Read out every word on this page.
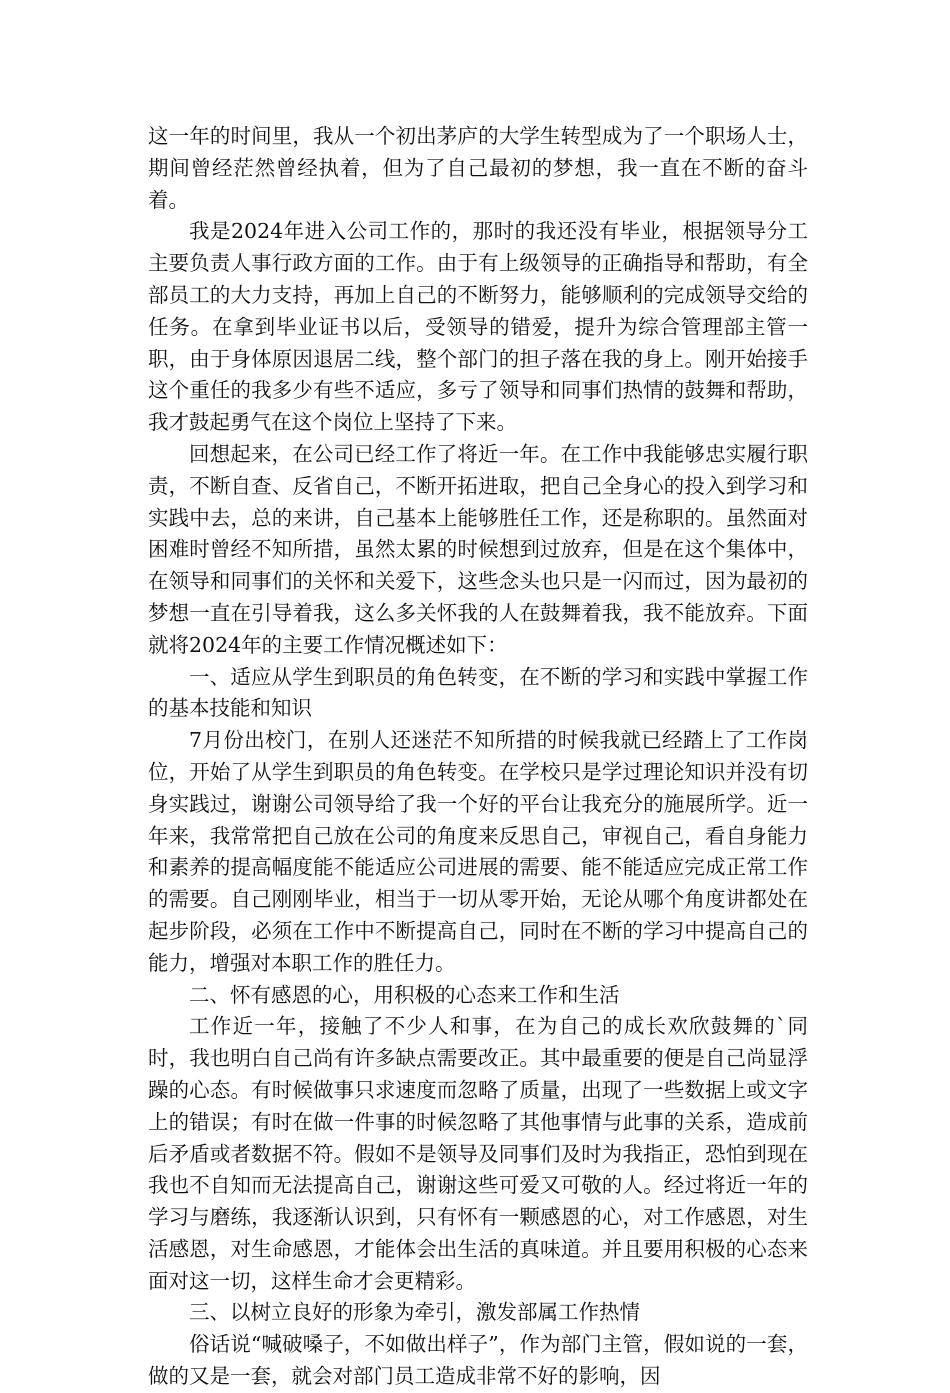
这一年的时间里，我从一个初出茅庐的大学生转型成为了一个职场人士，期间曾经茫然曾经执着，但为了自己最初的梦想，我一直在不断的奋斗着。

我是2024年进入公司工作的，那时的我还没有毕业，根据领导分工主要负责人事行政方面的工作。由于有上级领导的正确指导和帮助，有全部员工的大力支持，再加上自己的不断努力，能够顺利的完成领导交给的任务。在拿到毕业证书以后，受领导的错爱，提升为综合管理部主管一职，由于身体原因退居二线，整个部门的担子落在我的身上。刚开始接手这个重任的我多少有些不适应，多亏了领导和同事们热情的鼓舞和帮助，我才鼓起勇气在这个岗位上坚持了下来。

回想起来，在公司已经工作了将近一年。在工作中我能够忠实履行职责，不断自查、反省自己，不断开拓进取，把自己全身心的投入到学习和实践中去，总的来讲，自己基本上能够胜任工作，还是称职的。虽然面对困难时曾经不知所措，虽然太累的时候想到过放弃，但是在这个集体中，在领导和同事们的关怀和关爱下，这些念头也只是一闪而过，因为最初的梦想一直在引导着我，这么多关怀我的人在鼓舞着我，我不能放弃。下面就将2024年的主要工作情况概述如下：

一、适应从学生到职员的角色转变，在不断的学习和实践中掌握工作的基本技能和知识

7月份出校门，在别人还迷茫不知所措的时候我就已经踏上了工作岗位，开始了从学生到职员的角色转变。在学校只是学过理论知识并没有切身实践过，谢谢公司领导给了我一个好的平台让我充分的施展所学。近一年来，我常常把自己放在公司的角度来反思自己，审视自己，看自身能力和素养的提高幅度能不能适应公司进展的需要、能不能适应完成正常工作的需要。自己刚刚毕业，相当于一切从零开始，无论从哪个角度讲都处在起步阶段，必须在工作中不断提高自己，同时在不断的学习中提高自己的能力，增强对本职工作的胜任力。

二、怀有感恩的心，用积极的心态来工作和生活

工作近一年，接触了不少人和事，在为自己的成长欢欣鼓舞的`同时，我也明白自己尚有许多缺点需要改正。其中最重要的便是自己尚显浮躁的心态。有时候做事只求速度而忽略了质量，出现了一些数据上或文字上的错误；有时在做一件事的时候忽略了其他事情与此事的关系，造成前后矛盾或者数据不符。假如不是领导及同事们及时为我指正，恐怕到现在我也不自知而无法提高自己，谢谢这些可爱又可敬的人。经过将近一年的学习与磨练，我逐渐认识到，只有怀有一颗感恩的心，对工作感恩，对生活感恩，对生命感恩，才能体会出生活的真味道。并且要用积极的心态来面对这一切，这样生命才会更精彩。

三、以树立良好的形象为牵引，激发部属工作热情

俗话说“喊破嗓子，不如做出样子”，作为部门主管，假如说的一套，做的又是一套，就会对部门员工造成非常不好的影响，因
